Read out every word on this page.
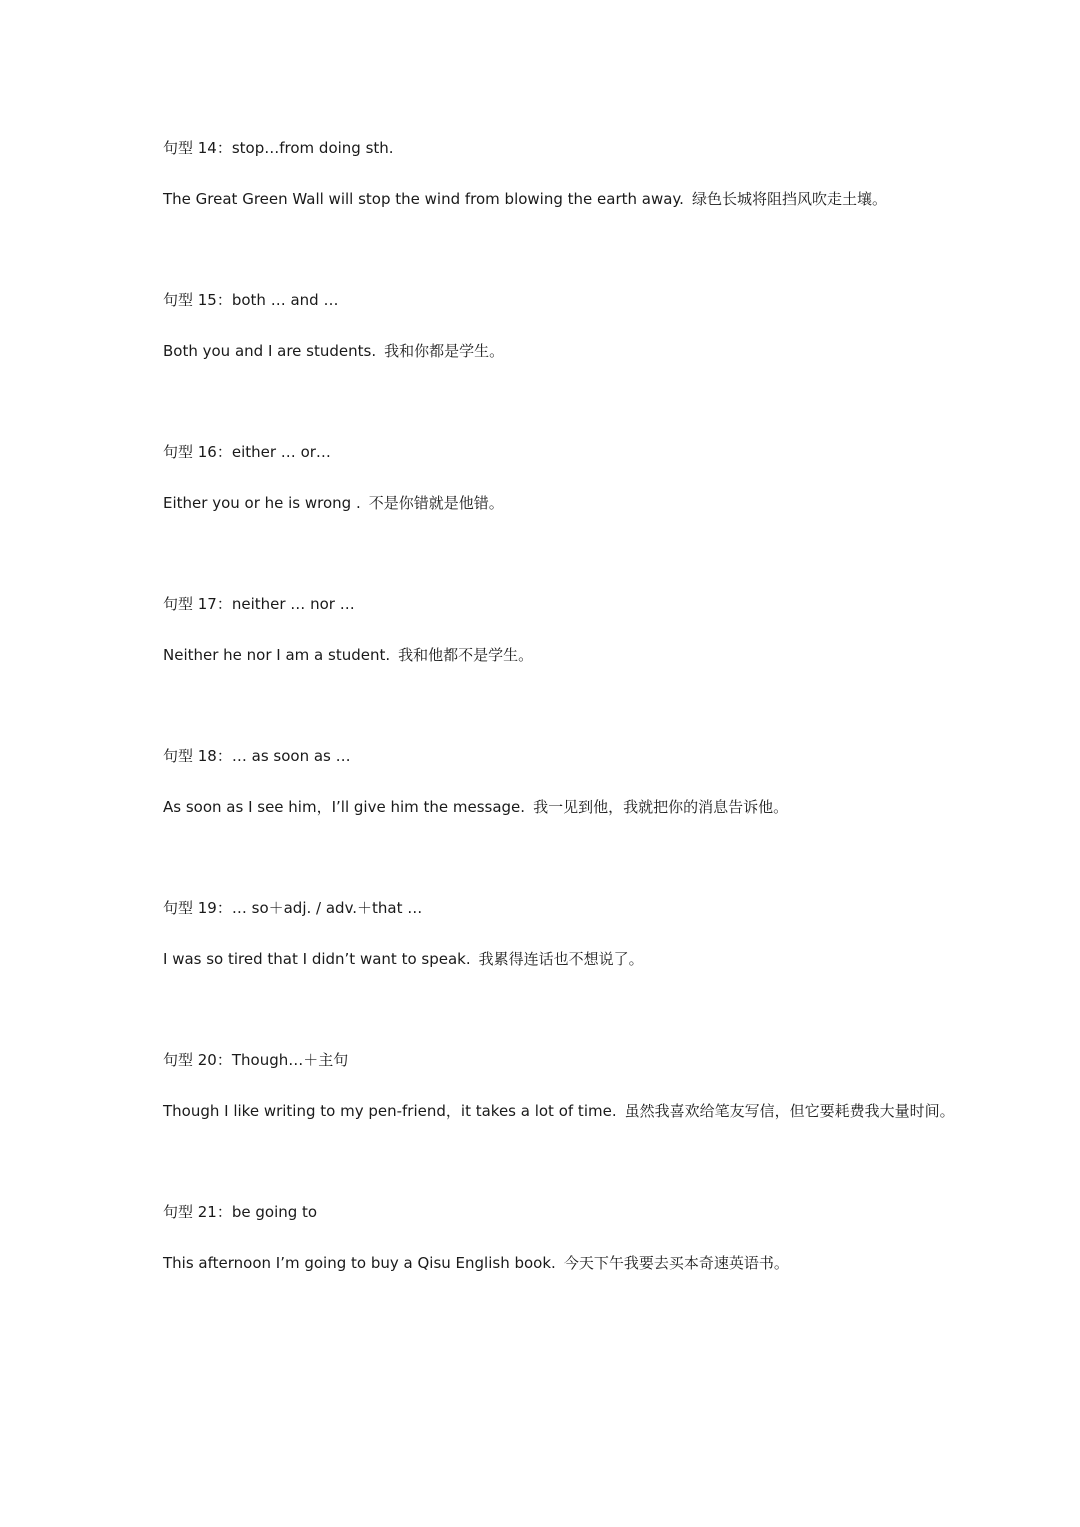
句型 14：stop…from doing sth.
The Great Green Wall will stop the wind from blowing the earth away. 绿色长城将阻挡风吹走土壤。
句型 15：both … and …
Both you and I are students. 我和你都是学生。
句型 16：either … or…
Either you or he is wrong . 不是你错就是他错。
句型 17：neither … nor …
Neither he nor I am a student. 我和他都不是学生。
句型 18：… as soon as …
As soon as I see him，I’ll give him the message. 我一见到他，我就把你的消息告诉他。
句型 19：… so＋adj. / adv.＋that …
I was so tired that I didn’t want to speak. 我累得连话也不想说了。
句型 20：Though…＋主句
Though I like writing to my pen-friend，it takes a lot of time. 虽然我喜欢给笔友写信，但它要耗费我大量时间。
句型 21：be going to
This afternoon I’m going to buy a Qisu English book. 今天下午我要去买本奇速英语书。
